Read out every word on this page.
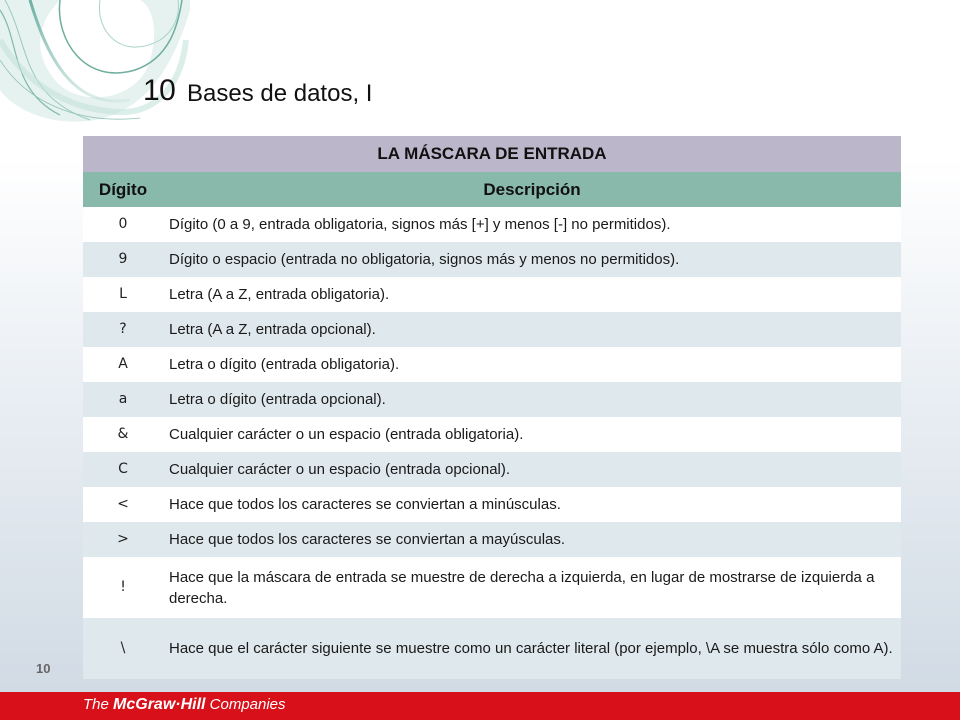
10 Bases de datos, I
LA MÁSCARA DE ENTRADA	
Dígito	Descripción
0	Dígito (0 a 9, entrada obligatoria, signos más [+] y menos [-] no permitidos).
9	Dígito o espacio (entrada no obligatoria, signos más y menos no permitidos).
L	Letra (A a Z, entrada obligatoria).
?	Letra (A a Z, entrada opcional).
A	Letra o dígito (entrada obligatoria).
a	Letra o dígito (entrada opcional).
&	Cualquier carácter o un espacio (entrada obligatoria).
C	Cualquier carácter o un espacio (entrada opcional).
<	Hace que todos los caracteres se conviertan a minúsculas.
>	Hace que todos los caracteres se conviertan a mayúsculas.
!	Hace que la máscara de entrada se muestre de derecha a izquierda, en lugar de mostrarse de izquierda a derecha.
\	Hace que el carácter siguiente se muestre como un carácter literal (por ejemplo, \A se muestra sólo como A).
10
The McGraw·Hill Companies
